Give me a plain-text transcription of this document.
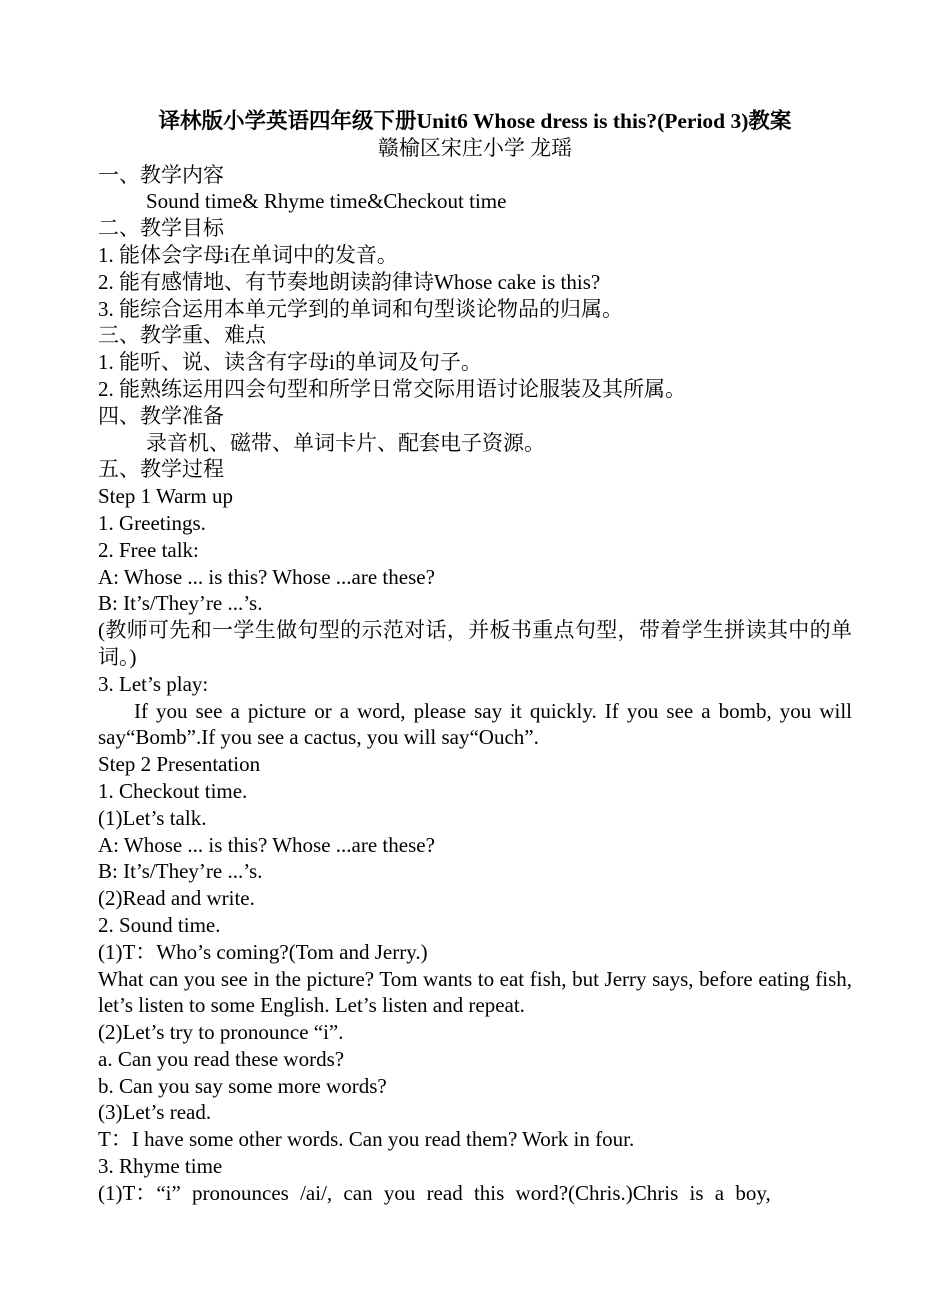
译林版小学英语四年级下册Unit6 Whose dress is this?(Period 3)教案
赣榆区宋庄小学 龙瑶
一、教学内容
Sound time& Rhyme time&Checkout time
二、教学目标
1. 能体会字母i在单词中的发音。
2. 能有感情地、有节奏地朗读韵律诗Whose cake is this?
3. 能综合运用本单元学到的单词和句型谈论物品的归属。
三、教学重、难点
1. 能听、说、读含有字母i的单词及句子。
2. 能熟练运用四会句型和所学日常交际用语讨论服装及其所属。
四、教学准备
录音机、磁带、单词卡片、配套电子资源。
五、教学过程
Step 1 Warm up
1. Greetings.
2. Free talk:
A: Whose ... is this? Whose ...are these?
B: It’s/They’re ...’s.
(教师可先和一学生做句型的示范对话，并板书重点句型，带着学生拼读其中的单词。)
3. Let’s play:
If you see a picture or a word, please say it quickly. If you see a bomb, you will say“Bomb”.If you see a cactus, you will say“Ouch”.
Step 2 Presentation
1. Checkout time.
(1)Let’s talk.
A: Whose ... is this? Whose ...are these?
B: It’s/They’re ...’s.
(2)Read and write.
2. Sound time.
(1)T：Who’s coming?(Tom and Jerry.)
What can you see in the picture? Tom wants to eat fish, but Jerry says, before eating fish, let’s listen to some English. Let’s listen and repeat.
(2)Let’s try to pronounce “i”.
a. Can you read these words?
b. Can you say some more words?
(3)Let’s read.
T：I have some other words. Can you read them? Work in four.
3. Rhyme time
(1)T：“i” pronounces /ai/, can you read this word?(Chris.)Chris is a boy,
